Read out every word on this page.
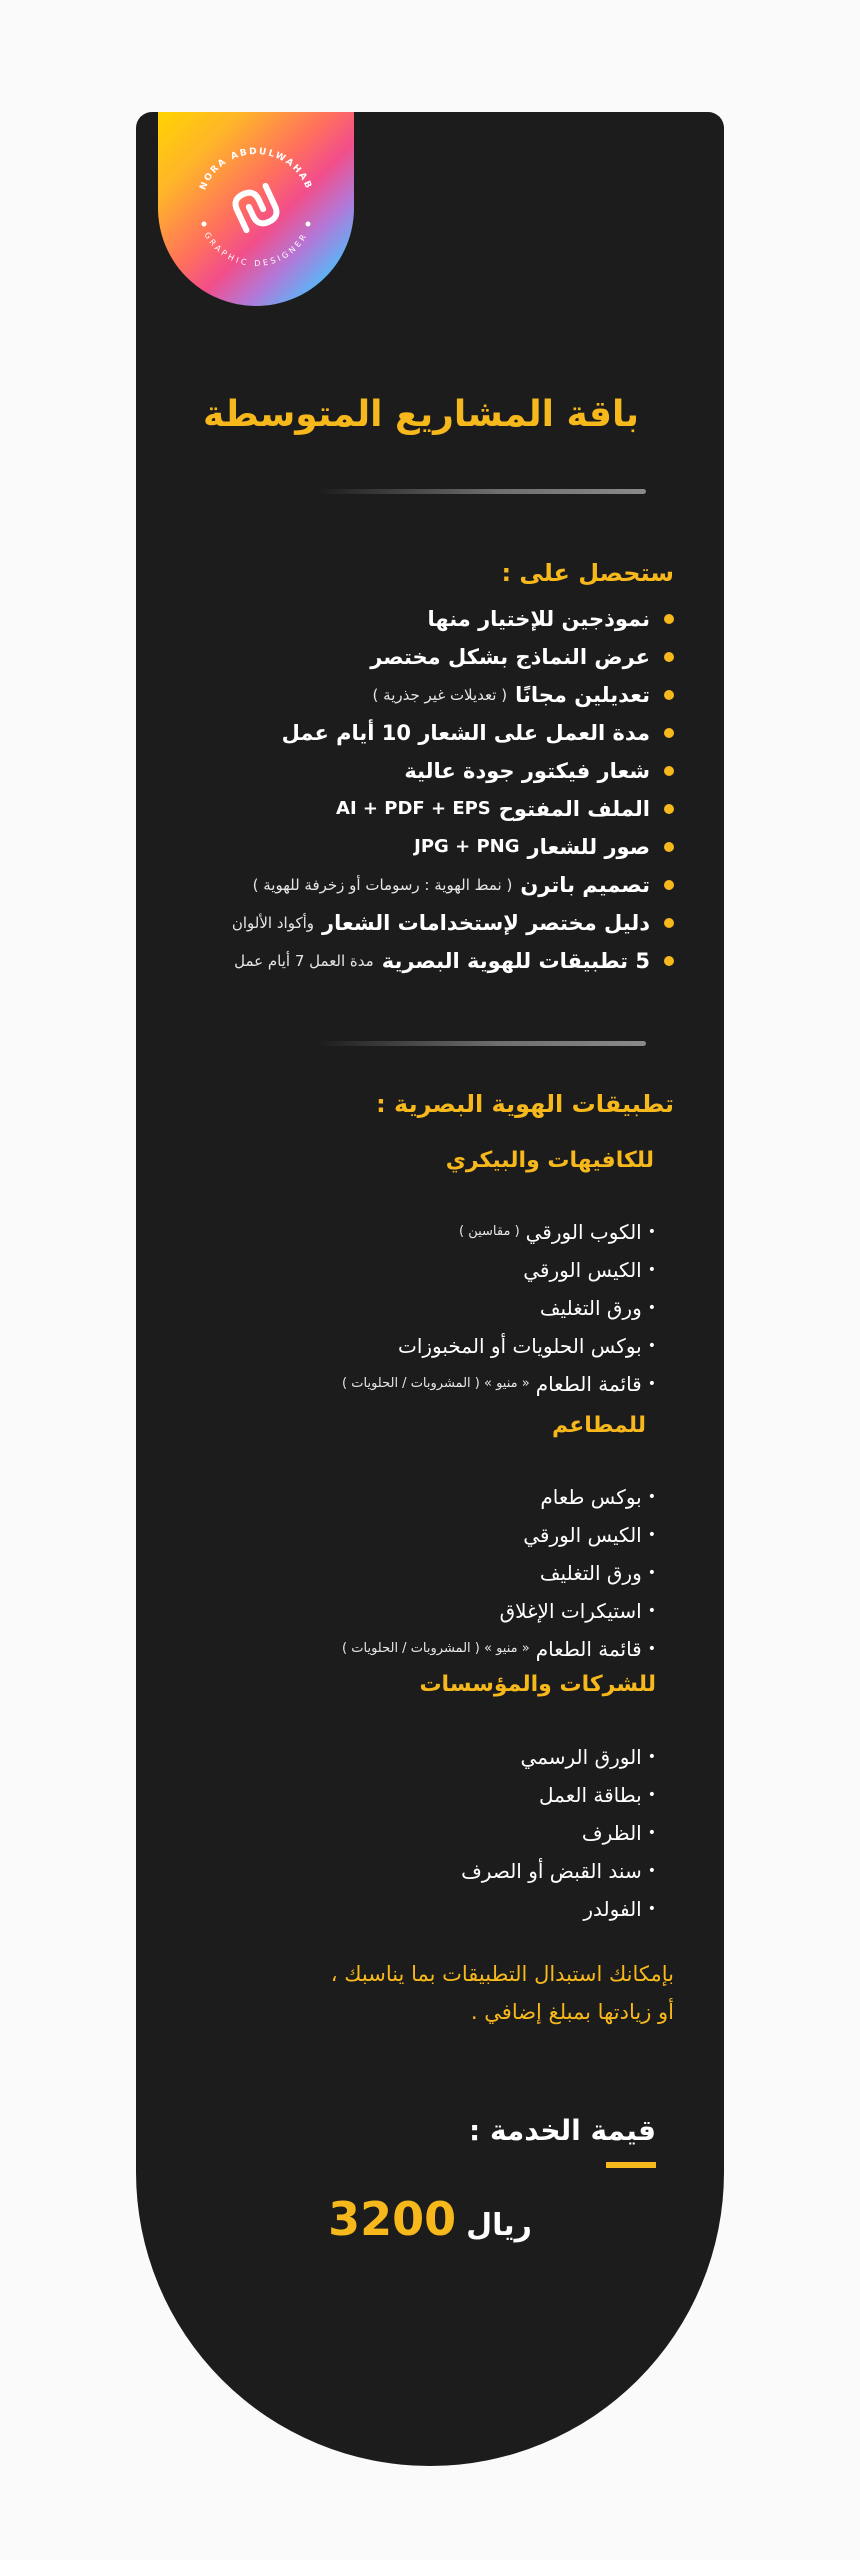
NORA ABDULWAHAB
GRAPHIC DESIGNER
باقة المشاريع المتوسطة
ستحصل على :
نموذجين للإختيار منها
عرض النماذج بشكل مختصر
تعديلين مجانًا
( تعديلات غير جذرية )
مدة العمل على الشعار 10 أيام عمل
شعار فيكتور جودة عالية
الملف المفتوح
AI + PDF + EPS
صور للشعار
JPG + PNG
تصميم باترن
( نمط الهوية : رسومات أو زخرفة للهوية )
دليل مختصر لإستخدامات الشعار
وأكواد الألوان
5 تطبيقات للهوية البصرية
مدة العمل 7 أيام عمل
تطبيقات الهوية البصرية :
للكافيهات والبيكري
•
الكوب الورقي
( مقاسين )
•
الكيس الورقي
•
ورق التغليف
•
بوكس الحلويات أو المخبوزات
•
قائمة الطعام
« منيو » ( المشروبات / الحلويات )
للمطاعم
•
بوكس طعام
•
الكيس الورقي
•
ورق التغليف
•
استيكرات الإغلاق
•
قائمة الطعام
« منيو » ( المشروبات / الحلويات )
للشركات والمؤسسات
•
الورق الرسمي
•
بطاقة العمل
•
الظرف
•
سند القبض أو الصرف
•
الفولدر

بإمكانك استبدال التطبيقات بما يناسبك ،

أو زيادتها بمبلغ إضافي .

قيمة الخدمة :
3200 ريال
